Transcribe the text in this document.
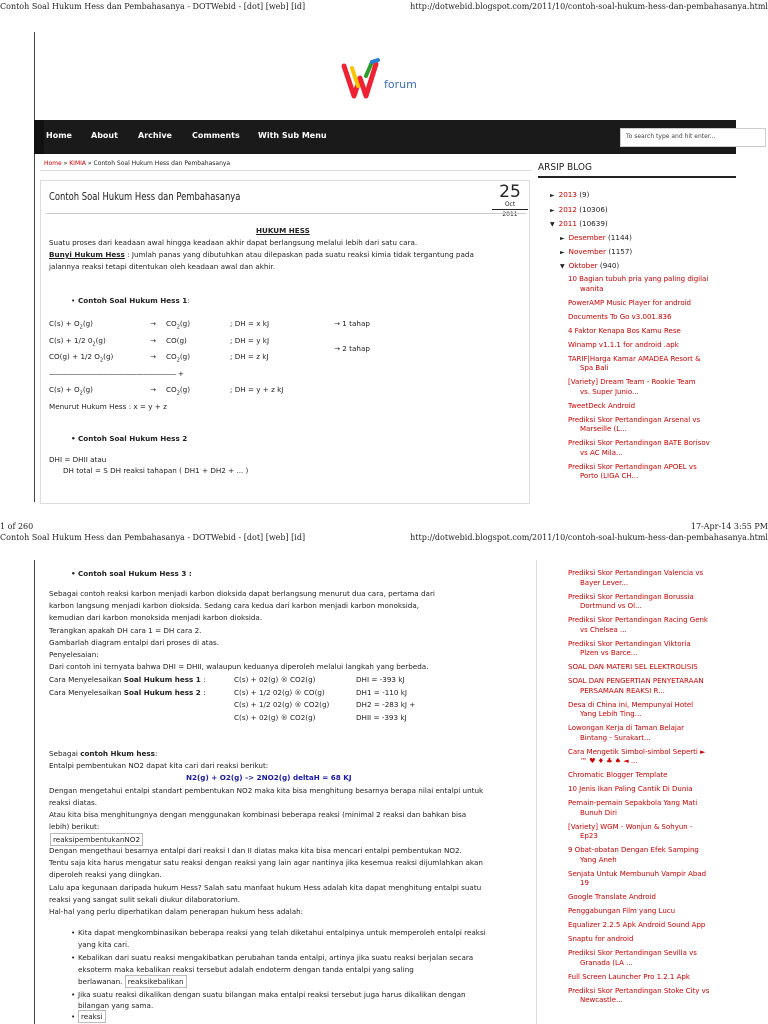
Contoh Soal Hukum Hess dan Pembahasanya - DOTWebid - [dot] [web] [id]	http://dotwebid.blogspot.com/2011/10/contoh-soal-hukum-hess-dan-pembahasanya.html
forum
Home About	Archive	Comments With Sub Menu	To search type and hit enter...
Home » KIMIA » Contoh Soal Hukum Hess dan Pembahasanya
Contoh Soal Hukum Hess dan Pembahasanya	25
Oct
2011
HUKUM HESS
Suatu proses dari keadaan awal hingga keadaan akhir dapat berlangsung melalui lebih dari satu cara.
Bunyi Hukum Hess : Jumlah panas yang dibutuhkan atau dilepaskan pada suatu reaksi kimia tidak tergantung pada
jalannya reaksi tetapi ditentukan oleh keadaan awal dan akhir.
• Contoh Soal Hukum Hess 1:
$C(s) + O_2(g)$	→ $CO_2(g)$	; DH = x kJ	→ 1 tahap
C(s) + 1/2 $0_2(g)$	→ CO(g)	; DH = y kJ
CO(g) + 1/2 $O_2(g)$	→ $CO_2(g)$	; DH = z kJ
→ 2 tahap
——————————————————— +
$C(s) + O_2(g)$	→ $CO_2(g)$	; DH = y + z kJ
Menurut Hukum Hess : x = y + z
• Contoh Soal Hukum Hess 2
DHI = DHII atau
DH total = S DH reaksi tahapan ( DH1 + DH2 + ... )
ARSIP BLOG
► 2013 (9)
► 2012 (10306)
▼ 2011 (10639)
► Desember (1144)
► November (1157)
▼ Oktober (940)
10 Bagian tubuh pria yang paling digilai
wanita
PowerAMP Music Player for android
Documents To Go v3.001.836
4 Faktor Kenapa Bos Kamu Rese
Winamp v1.1.1 for android .apk
TARIF|Harga Kamar AMADEA Resort &
Spa Bali
[Variety] Dream Team - Rookie Team
vs. Super Junio...
TweetDeck Android
Prediksi Skor Pertandingan Arsenal vs
Marseille (L...
Prediksi Skor Pertandingan BATE Borisov
vs AC Mila...
Prediksi Skor Pertandingan APOEL vs
Porto (LIGA CH...
1 of 260	17-Apr-14 3:55 PM
Contoh Soal Hukum Hess dan Pembahasanya - DOTWebid - [dot] [web] [id]	http://dotwebid.blogspot.com/2011/10/contoh-soal-hukum-hess-dan-pembahasanya.html
• Contoh soal Hukum Hess 3 :
Sebagai contoh reaksi karbon menjadi karbon dioksida dapat berlangsung menurut dua cara, pertama dari
karbon langsung menjadi karbon dioksida. Sedang cara kedua dari karbon menjadi karbon monoksida,
kemudian dari karbon monoksida menjadi karbon dioksida.
Terangkan apakah DH cara 1 = DH cara 2.
Gambarlah diagram entalpi dari proses di atas.
Penyelesaian:
Dari contoh ini ternyata bahwa DHI = DHII, walaupun keduanya diperoleh melalui langkah yang berbeda.
Cara Menyelesaikan Soal Hukum hess 1 :	C(s) + 02(g) ® CO2(g)	DHI = -393 kJ
Cara Menyelesaikan Soal Hukum hess 2 :	C(s) + 1/2 02(g) ® CO(g)	DH1 = -110 kJ
C(s) + 1/2 02(g) ® CO2(g)	DH2 = -283 kJ +
C(s) + 02(g) ® CO2(g)	DHII = -393 kJ
Sebagai contoh Hkum hess:
Entalpi pembentukan NO2 dapat kita cari dari reaksi berikut:
N2(g) + O2(g) -> 2NO2(g) deltaH = 68 KJ
Dengan mengetahui entalpi standart pembentukan NO2 maka kita bisa menghitung besarnya berapa nilai entalpi untuk
reaksi diatas.
Atau kita bisa menghitungnya dengan menggunakan kombinasi beberapa reaksi (minimal 2 reaksi dan bahkan bisa
lebih) berikut:
reaksipembentukanNO2
Dengan mengethaui besarnya entalpi dari reaksi I dan II diatas maka kita bisa mencari entalpi pembentukan NO2.
Tentu saja kita harus mengatur satu reaksi dengan reaksi yang lain agar nantinya jika kesemua reaksi dijumlahkan akan
diperoleh reaksi yang diingkan.
Lalu apa kegunaan daripada hukum Hess? Salah satu manfaat hukum Hess adalah kita dapat menghitung entalpi suatu
reaksi yang sangat sulit sekali diukur dilaboratorium.
Hal-hal yang perlu diperhatikan dalam penerapan hukum hess adalah:
• Kita dapat mengkombinasikan beberapa reaksi yang telah diketahui entalpinya untuk memperoleh entalpi reaksi
yang kita cari.
• Kebalikan dari suatu reaksi mengakibatkan perubahan tanda entalpi, artinya jika suatu reaksi berjalan secara
eksoterm maka kebalikan reaksi tersebut adalah endoterm dengan tanda entalpi yang saling
berlawanan. reaksikebalikan
• Jika suatu reaksi dikalikan dengan suatu bilangan maka entalpi reaksi tersebut juga harus dikalikan dengan
bilangan yang sama.
• reaksi
Prediksi Skor Pertandingan Valencia vs
Bayer Lever...
Prediksi Skor Pertandingan Borussia
Dortmund vs Ol...
Prediksi Skor Pertandingan Racing Genk
vs Chelsea ...
Prediksi Skor Pertandingan Viktoria
Plzen vs Barce...
SOAL DAN MATERI SEL ELEKTROLISIS
SOAL DAN PENGERTIAN PENYETARAAN
PERSAMAAN REAKSI R...
Desa di China ini, Mempunyai Hotel
Yang Lebih Ting...
Lowongan Kerja di Taman Belajar
Bintang - Surakart...
Cara Mengetik Simbol-simbol Seperti ►
™ ♥ ♦ ♣ ♠ ◄ ...
Chromatic Blogger Template
10 Jenis Ikan Paling Cantik Di Dunia
Pemain-pemain Sepakbola Yang Mati
Bunuh Diri
[Variety] WGM - Wonjun & Sohyun -
Ep23
9 Obat-obatan Dengan Efek Samping
Yang Aneh
Senjata Untuk Membunuh Vampir Abad
19
Google Translate Android
Penggabungan Film yang Lucu
Equalizer 2.2.5 Apk Android Sound App
Snaptu for android
Prediksi Skor Pertandingan Sevilla vs
Granada (LA ...
Full Screen Launcher Pro 1.2.1 Apk
Prediksi Skor Pertandingan Stoke City vs
Newcastle...
